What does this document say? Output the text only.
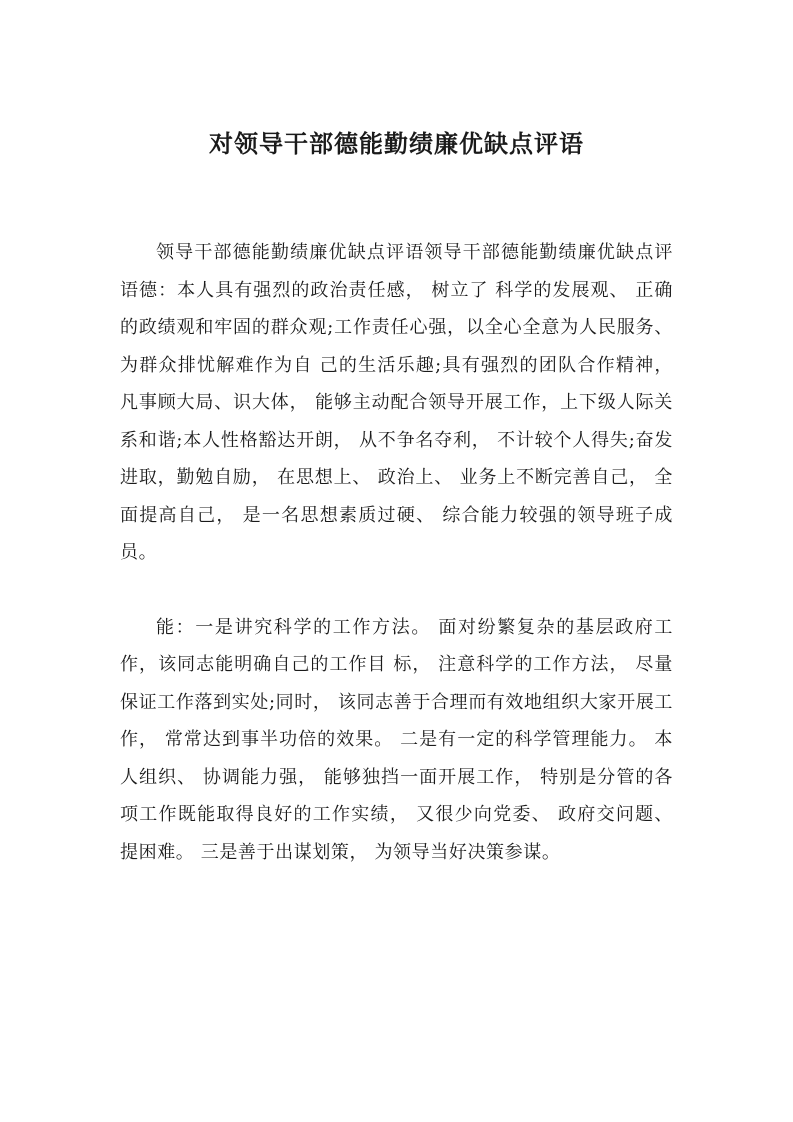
对领导干部德能勤绩廉优缺点评语

领导干部德能勤绩廉优缺点评语领导干部德能勤绩廉优缺点评语德：本人具有强烈的政治责任感， 树立了 科学的发展观、 正确的政绩观和牢固的群众观;工作责任心强，以全心全意为人民服务、 为群众排忧解难作为自 己的生活乐趣;具有强烈的团队合作精神， 凡事顾大局、识大体， 能够主动配合领导开展工作，上下级人际关系和谐;本人性格豁达开朗， 从不争名夺利， 不计较个人得失;奋发进取，勤勉自励， 在思想上、 政治上、 业务上不断完善自己， 全面提高自己， 是一名思想素质过硬、 综合能力较强的领导班子成员。

能：一是讲究科学的工作方法。 面对纷繁复杂的基层政府工作，该同志能明确自己的工作目 标， 注意科学的工作方法， 尽量保证工作落到实处;同时， 该同志善于合理而有效地组织大家开展工作， 常常达到事半功倍的效果。 二是有一定的科学管理能力。 本人组织、 协调能力强， 能够独挡一面开展工作， 特别是分管的各项工作既能取得良好的工作实绩， 又很少向党委、 政府交问题、 提困难。 三是善于出谋划策， 为领导当好决策参谋。
